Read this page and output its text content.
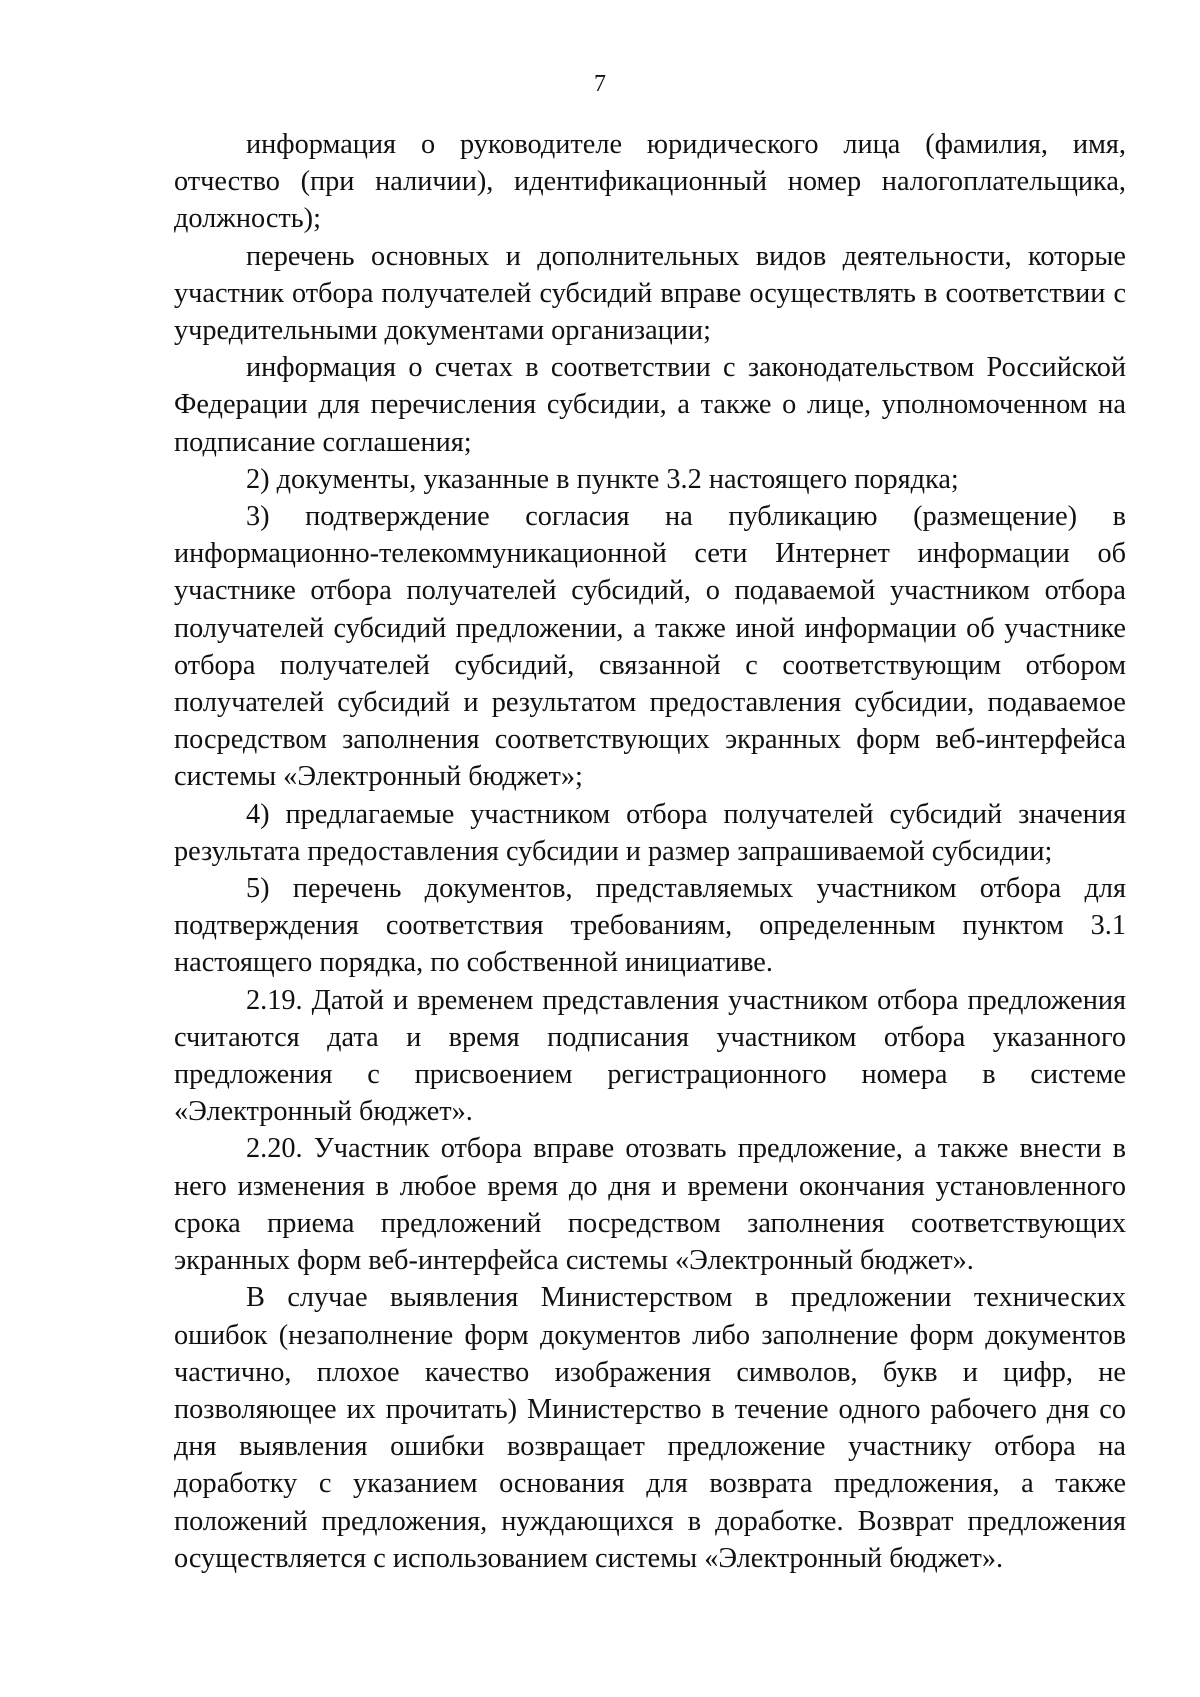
7

информация о руководителе юридического лица (фамилия, имя, отчество (при наличии), идентификационный номер налогоплательщика, должность);

перечень основных и дополнительных видов деятельности, которые участник отбора получателей субсидий вправе осуществлять в соответствии с учредительными документами организации;

информация о счетах в соответствии с законодательством Российской Федерации для перечисления субсидии, а также о лице, уполномоченном на подписание соглашения;

2) документы, указанные в пункте 3.2 настоящего порядка;

3) подтверждение согласия на публикацию (размещение) в информационно-телекоммуникационной сети Интернет информации об участнике отбора получателей субсидий, о подаваемой участником отбора получателей субсидий предложении, а также иной информации об участнике отбора получателей субсидий, связанной с соответствующим отбором получателей субсидий и результатом предоставления субсидии, подаваемое посредством заполнения соответствующих экранных форм веб-интерфейса системы «Электронный бюджет»;

4) предлагаемые участником отбора получателей субсидий значения результата предоставления субсидии и размер запрашиваемой субсидии;

5) перечень документов, представляемых участником отбора для подтверждения соответствия требованиям, определенным пунктом 3.1 настоящего порядка, по собственной инициативе.

2.19. Датой и временем представления участником отбора предложения считаются дата и время подписания участником отбора указанного предложения с присвоением регистрационного номера в системе «Электронный бюджет».

2.20. Участник отбора вправе отозвать предложение, а также внести в него изменения в любое время до дня и времени окончания установленного срока приема предложений посредством заполнения соответствующих экранных форм веб-интерфейса системы «Электронный бюджет».

В случае выявления Министерством в предложении технических ошибок (незаполнение форм документов либо заполнение форм документов частично, плохое качество изображения символов, букв и цифр, не позволяющее их прочитать) Министерство в течение одного рабочего дня со дня выявления ошибки возвращает предложение участнику отбора на доработку с указанием основания для возврата предложения, а также положений предложения, нуждающихся в доработке. Возврат предложения осуществляется с использованием системы «Электронный бюджет».
